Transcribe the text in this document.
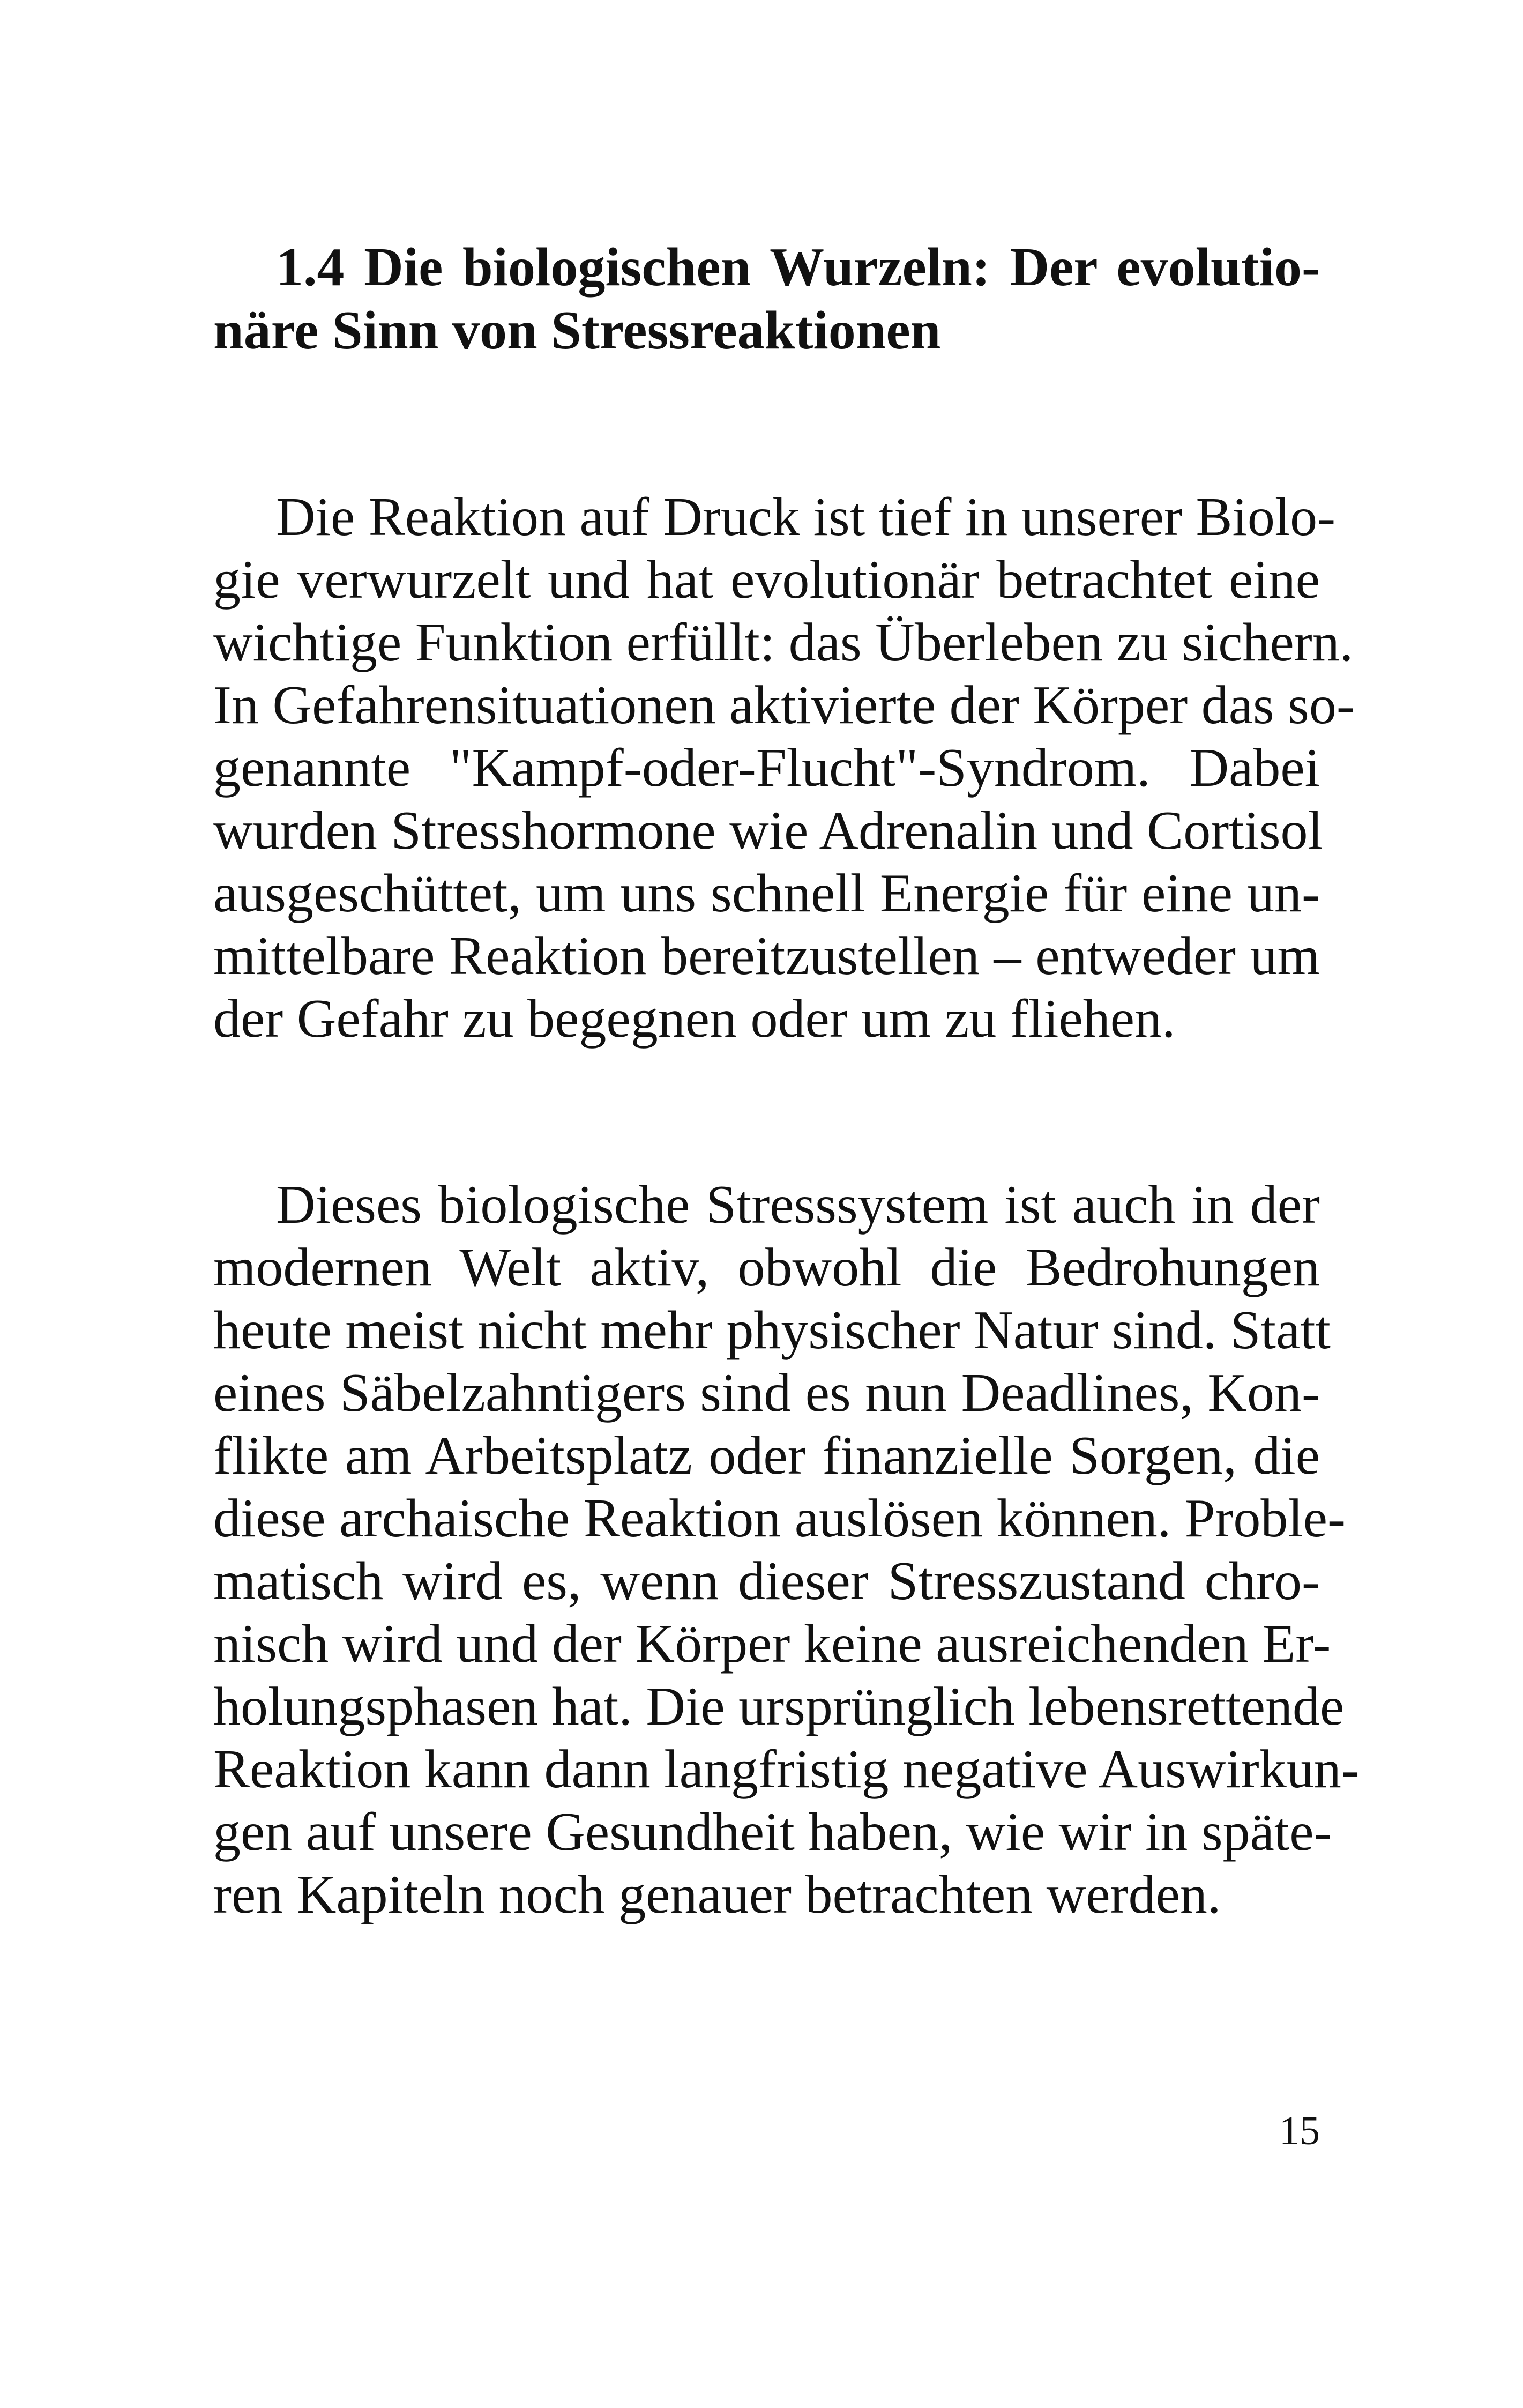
1.4 Die biologischen Wurzeln: Der evolutio-
näre Sinn von Stressreaktionen
Die Reaktion auf Druck ist tief in unserer Biolo-
gie verwurzelt und hat evolutionär betrachtet eine
wichtige Funktion erfüllt: das Überleben zu sichern.
In Gefahrensituationen aktivierte der Körper das so-
genannte "Kampf-oder-Flucht"-Syndrom. Dabei
wurden Stresshormone wie Adrenalin und Cortisol
ausgeschüttet, um uns schnell Energie für eine un-
mittelbare Reaktion bereitzustellen – entweder um
der Gefahr zu begegnen oder um zu fliehen.
Dieses biologische Stresssystem ist auch in der
modernen Welt aktiv, obwohl die Bedrohungen
heute meist nicht mehr physischer Natur sind. Statt
eines Säbelzahntigers sind es nun Deadlines, Kon-
flikte am Arbeitsplatz oder finanzielle Sorgen, die
diese archaische Reaktion auslösen können. Proble-
matisch wird es, wenn dieser Stresszustand chro-
nisch wird und der Körper keine ausreichenden Er-
holungsphasen hat. Die ursprünglich lebensrettende
Reaktion kann dann langfristig negative Auswirkun-
gen auf unsere Gesundheit haben, wie wir in späte-
ren Kapiteln noch genauer betrachten werden.
15
